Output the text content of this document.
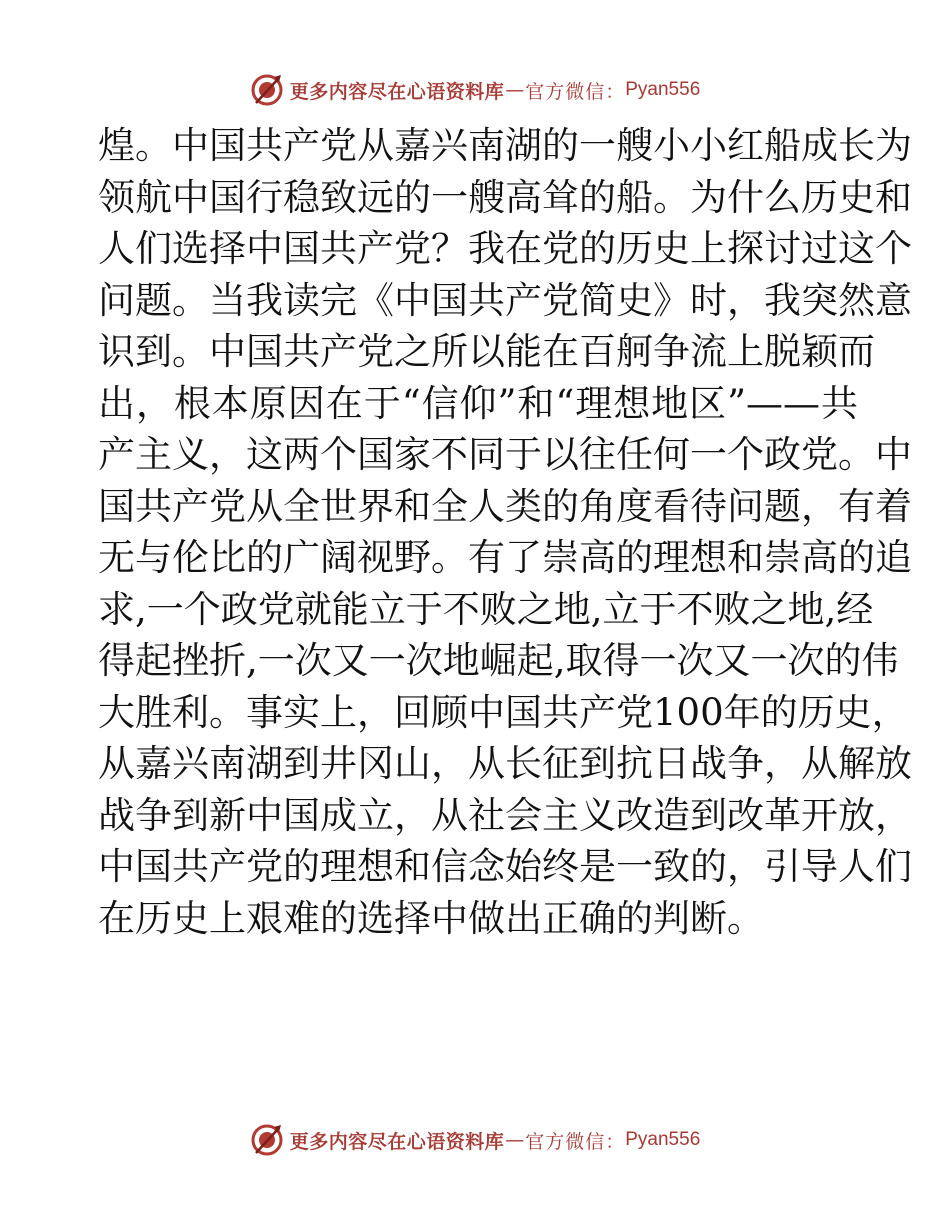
更多内容尽在心语资料库 — 官方微信： Pyan556
煌。中国共产党从嘉兴南湖的一艘小小红船成长为
领航中国行稳致远的一艘高耸的船。为什么历史和
人们选择中国共产党？我在党的历史上探讨过这个
问题。当我读完《中国共产党简史》时，我突然意
识到。中国共产党之所以能在百舸争流上脱颖而
出，根本原因在于“信仰”和“理想地区”——共
产主义，这两个国家不同于以往任何一个政党。中
国共产党从全世界和全人类的角度看待问题，有着
无与伦比的广阔视野。有了崇高的理想和崇高的追
求,一个政党就能立于不败之地,立于不败之地,经
得起挫折,一次又一次地崛起,取得一次又一次的伟
大胜利。事实上，回顾中国共产党100年的历史，
从嘉兴南湖到井冈山，从长征到抗日战争，从解放
战争到新中国成立，从社会主义改造到改革开放，
中国共产党的理想和信念始终是一致的，引导人们
在历史上艰难的选择中做出正确的判断。
更多内容尽在心语资料库 — 官方微信： Pyan556
